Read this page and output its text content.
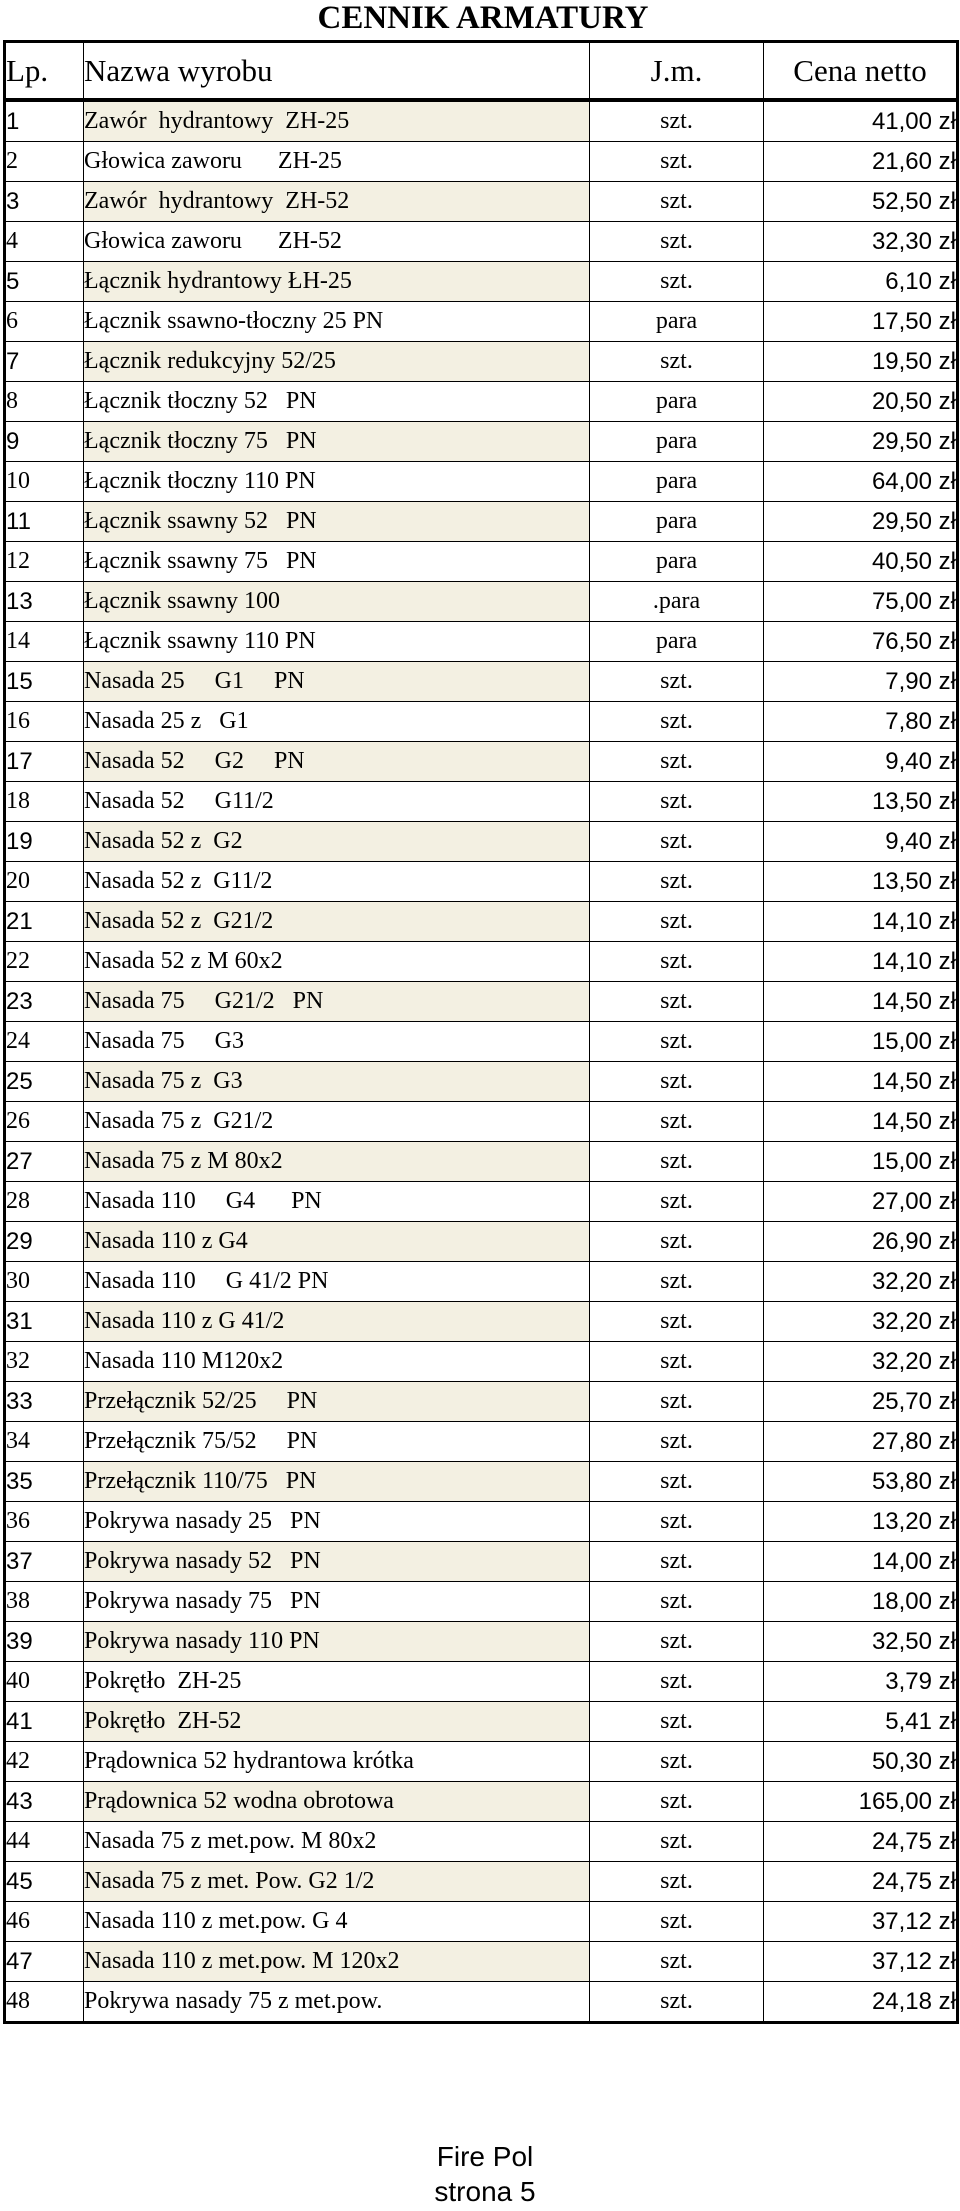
CENNIK ARMATURY
Lp.	Nazwa wyrobu	J.m.	Cena netto
1	Zawór  hydrantowy  ZH-25	szt.	41,00 zł
2	Głowica zaworu      ZH-25	szt.	21,60 zł
3	Zawór  hydrantowy  ZH-52	szt.	52,50 zł
4	Głowica zaworu      ZH-52	szt.	32,30 zł
5	Łącznik hydrantowy ŁH-25	szt.	6,10 zł
6	Łącznik ssawno-tłoczny 25 PN	para	17,50 zł
7	Łącznik redukcyjny 52/25	szt.	19,50 zł
8	Łącznik tłoczny 52   PN	para	20,50 zł
9	Łącznik tłoczny 75   PN	para	29,50 zł
10	Łącznik tłoczny 110 PN	para	64,00 zł
11	Łącznik ssawny 52   PN	para	29,50 zł
12	Łącznik ssawny 75   PN	para	40,50 zł
13	Łącznik ssawny 100	.para	75,00 zł
14	Łącznik ssawny 110 PN	para	76,50 zł
15	Nasada 25     G1     PN	szt.	7,90 zł
16	Nasada 25 z   G1	szt.	7,80 zł
17	Nasada 52     G2     PN	szt.	9,40 zł
18	Nasada 52     G11/2	szt.	13,50 zł
19	Nasada 52 z  G2	szt.	9,40 zł
20	Nasada 52 z  G11/2	szt.	13,50 zł
21	Nasada 52 z  G21/2	szt.	14,10 zł
22	Nasada 52 z M 60x2	szt.	14,10 zł
23	Nasada 75     G21/2   PN	szt.	14,50 zł
24	Nasada 75     G3	szt.	15,00 zł
25	Nasada 75 z  G3	szt.	14,50 zł
26	Nasada 75 z  G21/2	szt.	14,50 zł
27	Nasada 75 z M 80x2	szt.	15,00 zł
28	Nasada 110     G4      PN	szt.	27,00 zł
29	Nasada 110 z G4	szt.	26,90 zł
30	Nasada 110     G 41/2 PN	szt.	32,20 zł
31	Nasada 110 z G 41/2	szt.	32,20 zł
32	Nasada 110 M120x2	szt.	32,20 zł
33	Przełącznik 52/25     PN	szt.	25,70 zł
34	Przełącznik 75/52     PN	szt.	27,80 zł
35	Przełącznik 110/75   PN	szt.	53,80 zł
36	Pokrywa nasady 25   PN	szt.	13,20 zł
37	Pokrywa nasady 52   PN	szt.	14,00 zł
38	Pokrywa nasady 75   PN	szt.	18,00 zł
39	Pokrywa nasady 110 PN	szt.	32,50 zł
40	Pokrętło  ZH-25	szt.	3,79 zł
41	Pokrętło  ZH-52	szt.	5,41 zł
42	Prądownica 52 hydrantowa krótka	szt.	50,30 zł
43	Prądownica 52 wodna obrotowa	szt.	165,00 zł
44	Nasada 75 z met.pow. M 80x2	szt.	24,75 zł
45	Nasada 75 z met. Pow. G2 1/2	szt.	24,75 zł
46	Nasada 110 z met.pow. G 4	szt.	37,12 zł
47	Nasada 110 z met.pow. M 120x2	szt.	37,12 zł
48	Pokrywa nasady 75 z met.pow.	szt.	24,18 zł
Fire Pol
strona 5
